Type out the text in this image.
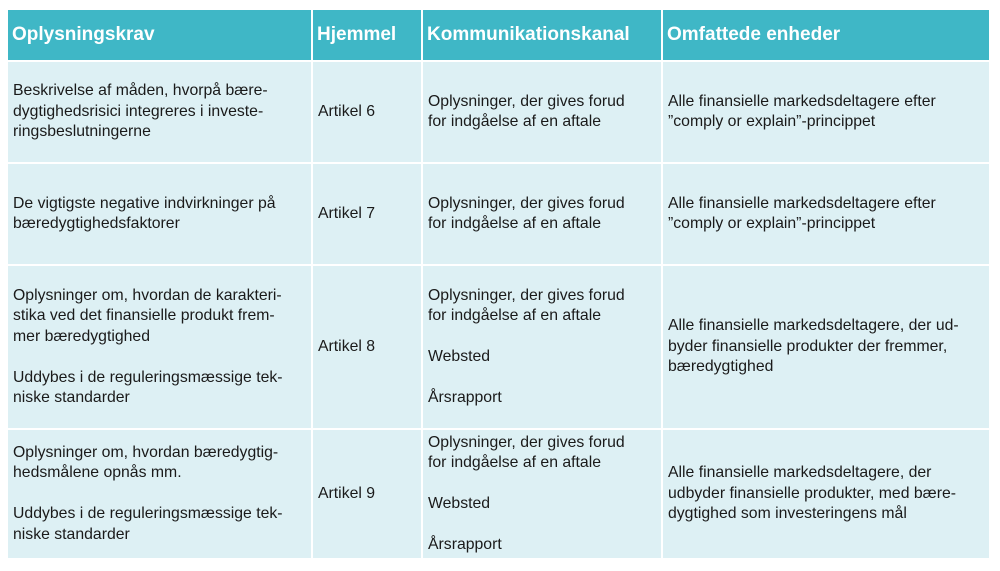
Oplysningskrav	Hjemmel	Kommunikationskanal	Omfattede enheder

Beskrivelse af måden, hvorpå bære-
dygtighedsrisici integreres i investe-
ringsbeslutningerne	Artikel 6	Oplysninger, der gives forud
for indgåelse af en aftale	Alle finansielle markedsdeltagere efter
”comply or explain”-princippet

De vigtigste negative indvirkninger på
bæredygtighedsfaktorer	Artikel 7	Oplysninger, der gives forud
for indgåelse af en aftale	Alle finansielle markedsdeltagere efter
”comply or explain”-princippet

Oplysninger om, hvordan de karakteri-
stika ved det finansielle produkt frem-
mer bæredygtighed
Uddybes i de reguleringsmæssige tek-
niske standarder	Artikel 8	Oplysninger, der gives forud
for indgåelse af en aftale
Websted
Årsrapport	Alle finansielle markedsdeltagere, der ud-
byder finansielle produkter der fremmer,
bæredygtighed

Oplysninger om, hvordan bæredygtig-
hedsmålene opnås mm.
Uddybes i de reguleringsmæssige tek-
niske standarder	Artikel 9	Oplysninger, der gives forud
for indgåelse af en aftale
Websted
Årsrapport	Alle finansielle markedsdeltagere, der
udbyder finansielle produkter, med bære-
dygtighed som investeringens mål
